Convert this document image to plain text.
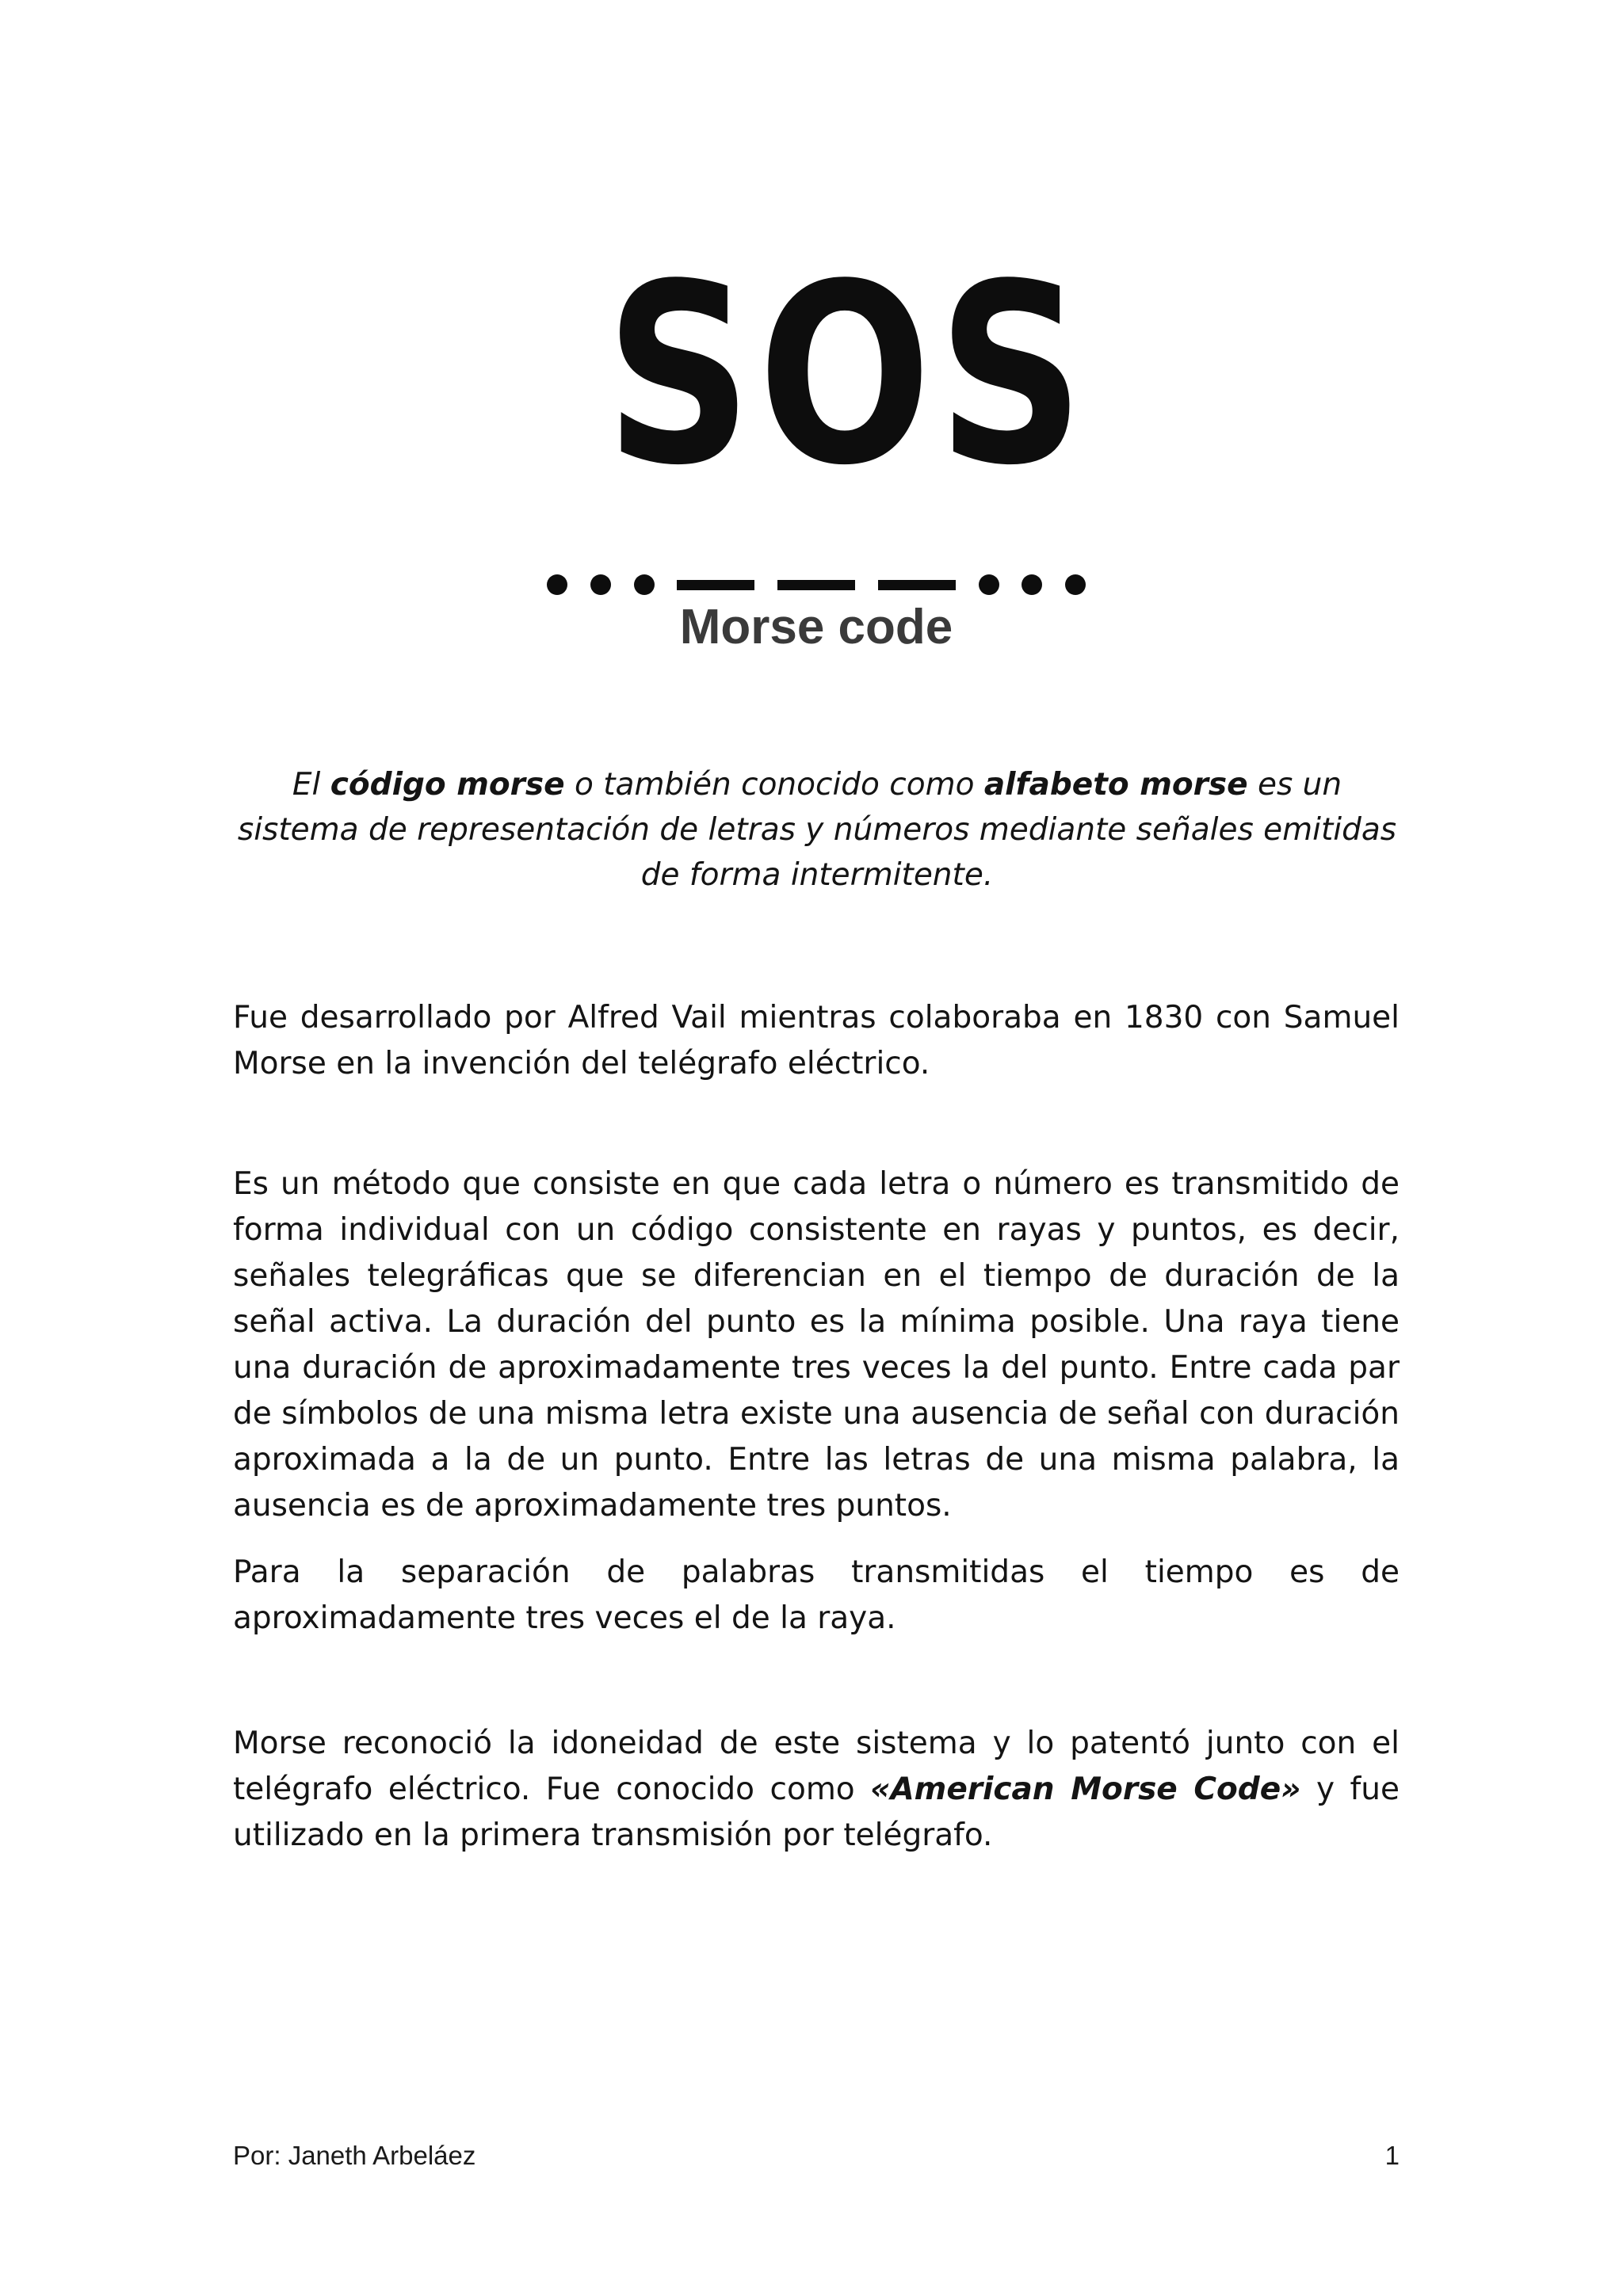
SOS
Morse code

El código morse o también conocido como alfabeto morse es un sistema de representación de letras y números mediante señales emitidas de forma intermitente.

Fue desarrollado por Alfred Vail mientras colaboraba en 1830 con Samuel Morse en la invención del telégrafo eléctrico.

Es un método que consiste en que cada letra o número es transmitido de forma individual con un código consistente en rayas y puntos, es decir, señales telegráficas que se diferencian en el tiempo de duración de la señal activa. La duración del punto es la mínima posible. Una raya tiene una duración de aproximadamente tres veces la del punto. Entre cada par de símbolos de una misma letra existe una ausencia de señal con duración aproximada a la de un punto. Entre las letras de una misma palabra, la ausencia es de aproximadamente tres puntos.

Para la separación de palabras transmitidas el tiempo es de aproximadamente tres veces el de la raya.

Morse reconoció la idoneidad de este sistema y lo patentó junto con el telégrafo eléctrico. Fue conocido como «American Morse Code» y fue utilizado en la primera transmisión por telégrafo.

Por: Janeth Arbeláez	1
